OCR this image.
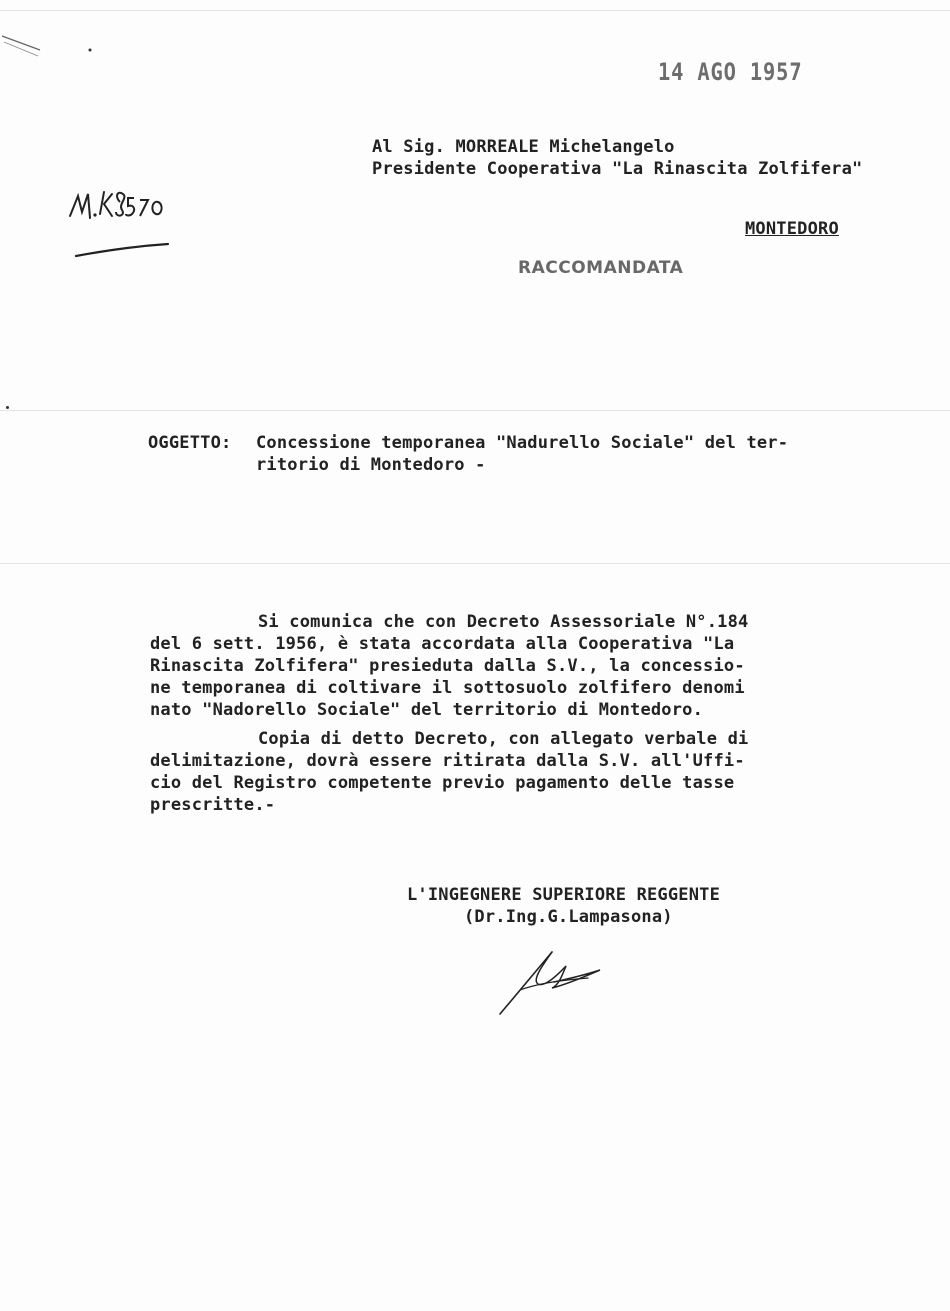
14 AGO 1957
Al Sig. MORREALE Michelangelo
Presidente Cooperativa "La Rinascita Zolfifera"
MONTEDORO
RACCOMANDATA
OGGETTO: Concessione temporanea "Nadurello Sociale" del ter-
ritorio di Montedoro -
Si comunica che con Decreto Assessoriale N°.184
del 6 sett. 1956, è stata accordata alla Cooperativa "La
Rinascita Zolfifera" presieduta dalla S.V., la concessio-
ne temporanea di coltivare il sottosuolo zolfifero denomi
nato "Nadorello Sociale" del territorio di Montedoro.
Copia di detto Decreto, con allegato verbale di
delimitazione, dovrà essere ritirata dalla S.V. all'Uffi-
cio del Registro competente previo pagamento delle tasse
prescritte.-
L'INGEGNERE SUPERIORE REGGENTE
(Dr.Ing.G.Lampasona)
